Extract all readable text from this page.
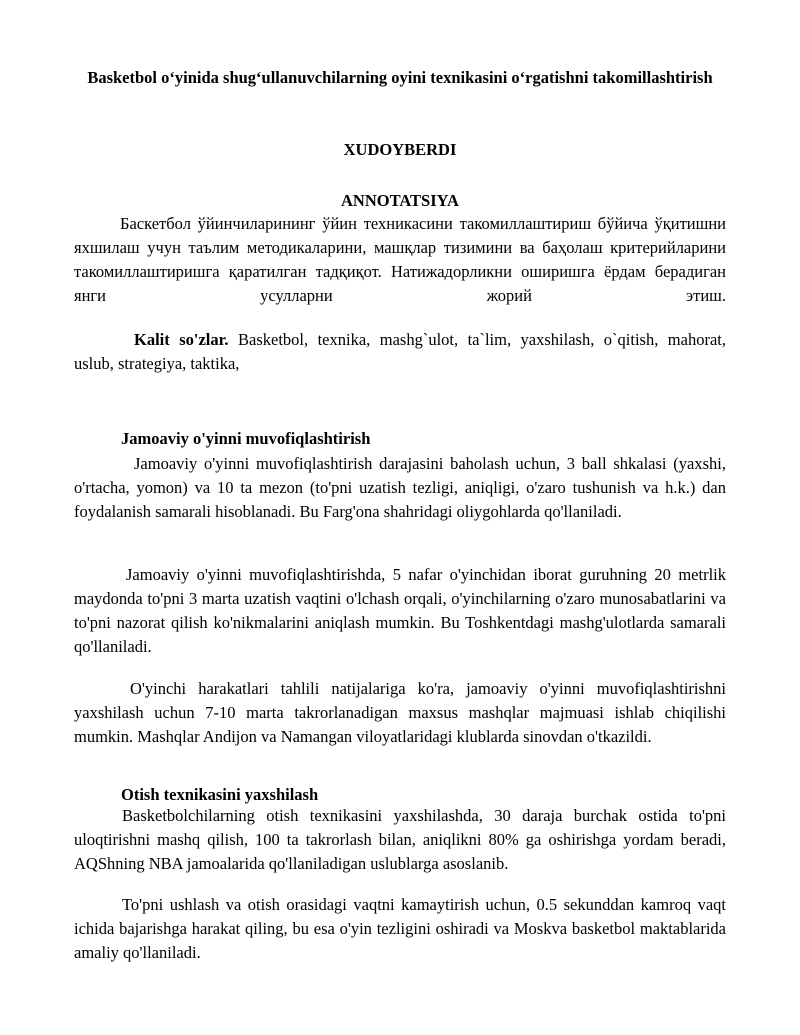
Basketbol o‘yinida shug‘ullanuvchilarning oyini texnikasini o‘rgatishni takomillashtirish

XUDOYBERDI

ANNOTATSIYA

Баскетбол ўйинчиларининг ўйин техникасини такомиллаштириш бўйича ўқитишни яхшилаш учун таълим методикаларини, машқлар тизимини ва баҳолаш критерийларини такомиллаштиришга қаратилган тадқиқот. Натижадорликни оширишга ёрдам берадиган янги усулларни жорий этиш.

Kalit so'zlar. Basketbol, texnika, mashg`ulot, ta`lim, yaxshilash, o`qitish, mahorat, uslub, strategiya, taktika,

Jamoaviy o'yinni muvofiqlashtirish

Jamoaviy o'yinni muvofiqlashtirish darajasini baholash uchun, 3 ball shkalasi (yaxshi, o'rtacha, yomon) va 10 ta mezon (to'pni uzatish tezligi, aniqligi, o'zaro tushunish va h.k.) dan foydalanish samarali hisoblanadi. Bu Farg'ona shahridagi oliygohlarda qo'llaniladi.

Jamoaviy o'yinni muvofiqlashtirishda, 5 nafar o'yinchidan iborat guruhning 20 metrlik maydonda to'pni 3 marta uzatish vaqtini o'lchash orqali, o'yinchilarning o'zaro munosabatlarini va to'pni nazorat qilish ko'nikmalarini aniqlash mumkin. Bu Toshkentdagi mashg'ulotlarda samarali qo'llaniladi.

O'yinchi harakatlari tahlili natijalariga ko'ra, jamoaviy o'yinni muvofiqlashtirishni yaxshilash uchun 7-10 marta takrorlanadigan maxsus mashqlar majmuasi ishlab chiqilishi mumkin. Mashqlar Andijon va Namangan viloyatlaridagi klublarda sinovdan o'tkazildi.

Otish texnikasini yaxshilash

Basketbolchilarning otish texnikasini yaxshilashda, 30 daraja burchak ostida to'pni uloqtirishni mashq qilish, 100 ta takrorlash bilan, aniqlikni 80% ga oshirishga yordam beradi, AQShning NBA jamoalarida qo'llaniladigan uslublarga asoslanib.

To'pni ushlash va otish orasidagi vaqtni kamaytirish uchun, 0.5 sekunddan kamroq vaqt ichida bajarishga harakat qiling, bu esa o'yin tezligini oshiradi va Moskva basketbol maktablarida amaliy qo'llaniladi.
